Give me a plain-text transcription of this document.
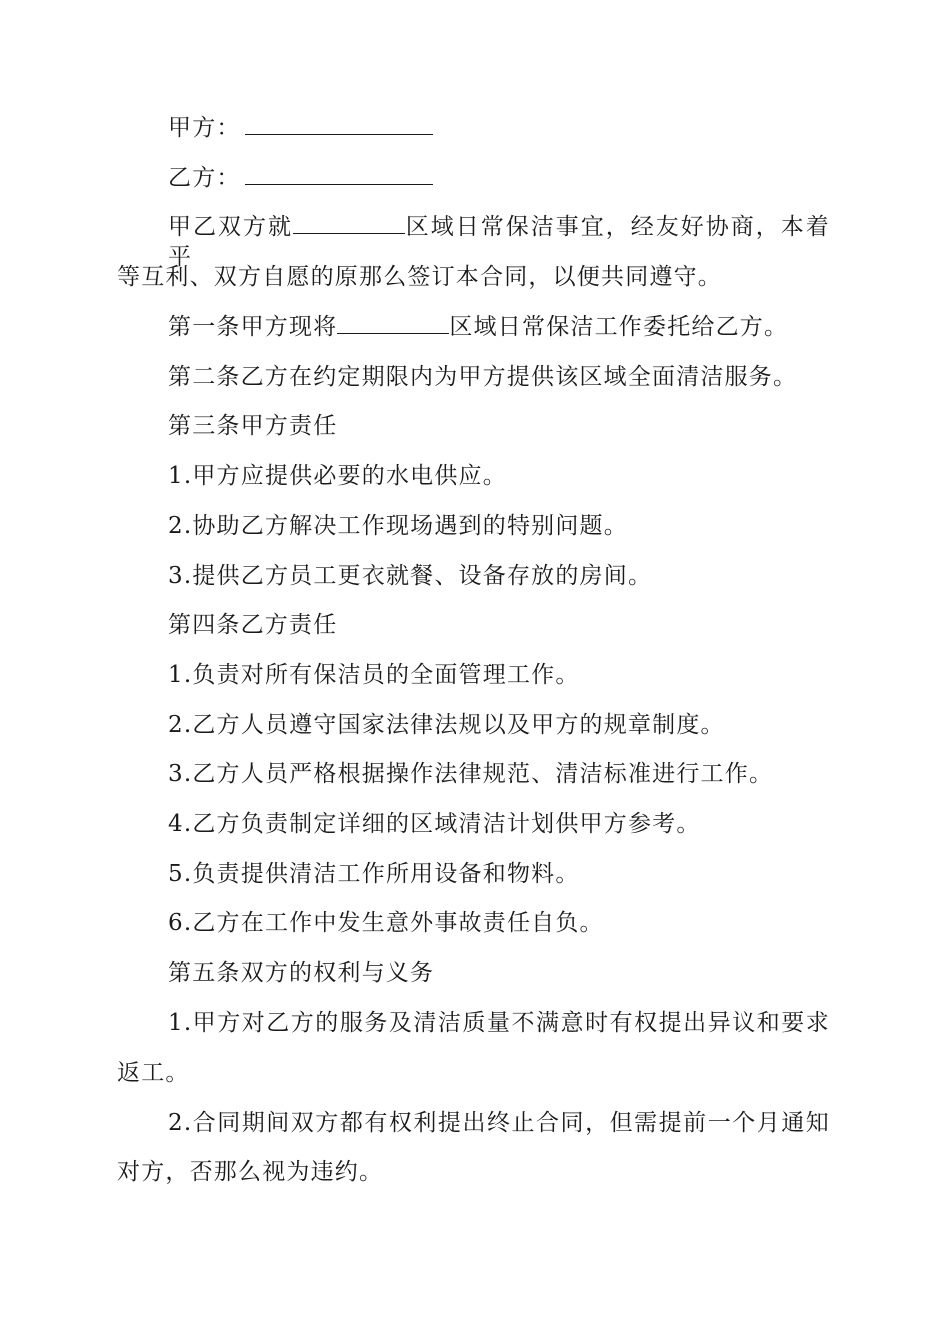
甲方：
乙方：
甲乙双方就	区域日常保洁事宜，经友好协商，本着平
等互利、双方自愿的原那么签订本合同，以便共同遵守。
第一条甲方现将	区域日常保洁工作委托给乙方。
第二条乙方在约定期限内为甲方提供该区域全面清洁服务。
第三条甲方责任
1.甲方应提供必要的水电供应。
2.协助乙方解决工作现场遇到的特别问题。
3.提供乙方员工更衣就餐、设备存放的房间。
第四条乙方责任
1.负责对所有保洁员的全面管理工作。
2.乙方人员遵守国家法律法规以及甲方的规章制度。
3.乙方人员严格根据操作法律规范、清洁标准进行工作。
4.乙方负责制定详细的区域清洁计划供甲方参考。
5.负责提供清洁工作所用设备和物料。
6.乙方在工作中发生意外事故责任自负。
第五条双方的权利与义务
1.甲方对乙方的服务及清洁质量不满意时有权提出异议和要求
返工。
2.合同期间双方都有权利提出终止合同，但需提前一个月通知
对方，否那么视为违约。
